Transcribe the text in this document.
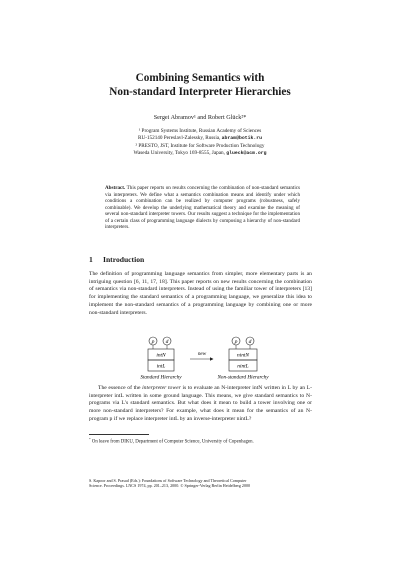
Combining Semantics with
Non-standard Interpreter Hierarchies
Sergei Abramov¹ and Robert Glück²*
¹ Program Systems Institute, Russian Academy of Sciences
RU-152140 Pereslavl-Zalessky, Russia, abram@botik.ru
² PRESTO, JST, Institute for Software Production Technology
Waseda University, Tokyo 169-8555, Japan, glueck@acm.org
Abstract. This paper reports on results concerning the combination of non-standard semantics via interpreters. We define what a semantics combination means and identify under which conditions a combination can be realized by computer programs (robustness, safely combinable). We develop the underlying mathematical theory and examine the meaning of several non-standard interpreter towers. Our results suggest a technique for the implementation of a certain class of programming language dialects by composing a hierarchy of non-standard interpreters.
1 Introduction
The definition of programming language semantics from simpler, more elementary parts is an intriguing question [6, 11, 17, 18]. This paper reports on new results concerning the combination of semantics via non-standard interpreters. Instead of using the familiar tower of interpreters [13] for implementing the standard semantics of a programming language, we generalize this idea to implement the non-standard semantics of a programming language by combining one or more non-standard interpreters.
p d
intN
intL
Standard Hierarchy
new
p d
nintN
nintL
Non-standard Hierarchy
The essence of the interpreter tower is to evaluate an N-interpreter intN written in L by an L-interpreter intL written in some ground language. This means, we give standard semantics to N-programs via L's standard semantics. But what does it mean to build a tower involving one or more non-standard interpreters? For example, what does it mean for the semantics of an N-program p if we replace interpreter intL by an inverse-interpreter nintL?
* On leave from DIKU, Department of Computer Science, University of Copenhagen.
S. Kapoor and S. Prasad (Eds.): Foundations of Software Technology and Theoretical Computer
Science. Proceedings. LNCS 1974, pp. 201–213, 2000. © Springer-Verlag Berlin Heidelberg 2000
